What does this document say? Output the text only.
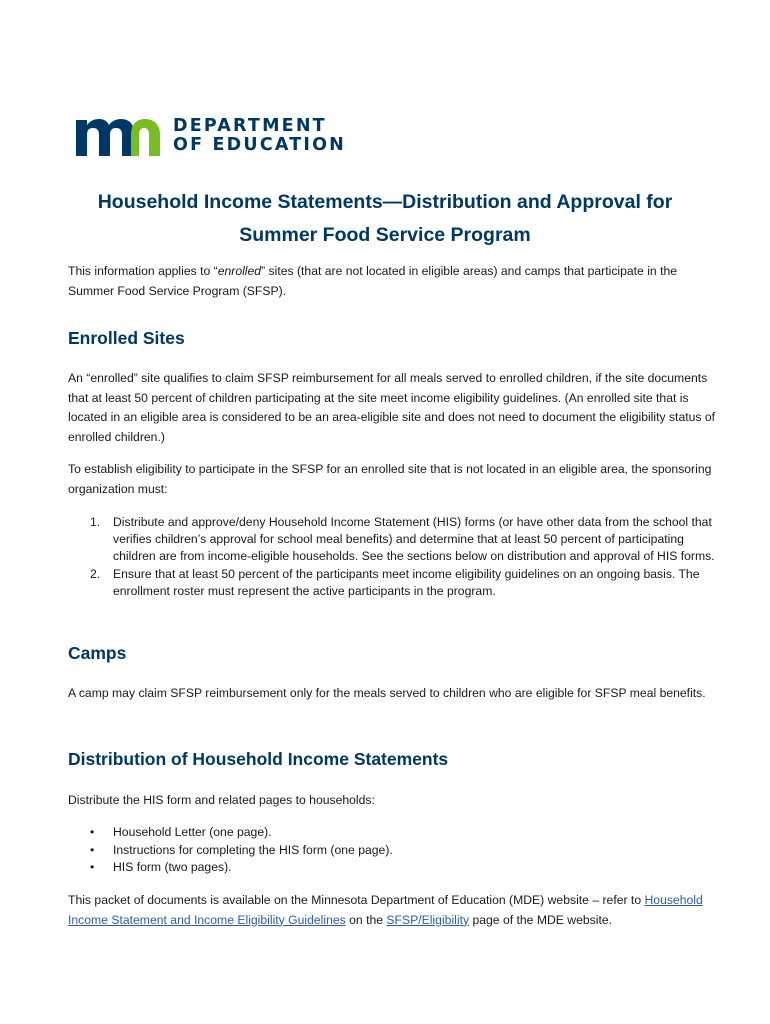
DEPARTMENT
OF EDUCATION
Household Income Statements—Distribution and Approval for
Summer Food Service Program
This information applies to “enrolled” sites (that are not located in eligible areas) and camps that participate in the Summer Food Service Program (SFSP).
Enrolled Sites
An “enrolled” site qualifies to claim SFSP reimbursement for all meals served to enrolled children, if the site documents that at least 50 percent of children participating at the site meet income eligibility guidelines. (An enrolled site that is located in an eligible area is considered to be an area-eligible site and does not need to document the eligibility status of enrolled children.)
To establish eligibility to participate in the SFSP for an enrolled site that is not located in an eligible area, the sponsoring organization must:
1. Distribute and approve/deny Household Income Statement (HIS) forms (or have other data from the school that verifies children’s approval for school meal benefits) and determine that at least 50 percent of participating children are from income-eligible households. See the sections below on distribution and approval of HIS forms.
2. Ensure that at least 50 percent of the participants meet income eligibility guidelines on an ongoing basis. The enrollment roster must represent the active participants in the program.
Camps
A camp may claim SFSP reimbursement only for the meals served to children who are eligible for SFSP meal benefits.
Distribution of Household Income Statements
Distribute the HIS form and related pages to households:
• Household Letter (one page).
• Instructions for completing the HIS form (one page).
• HIS form (two pages).
This packet of documents is available on the Minnesota Department of Education (MDE) website – refer to Household Income Statement and Income Eligibility Guidelines on the SFSP/Eligibility page of the MDE website.
